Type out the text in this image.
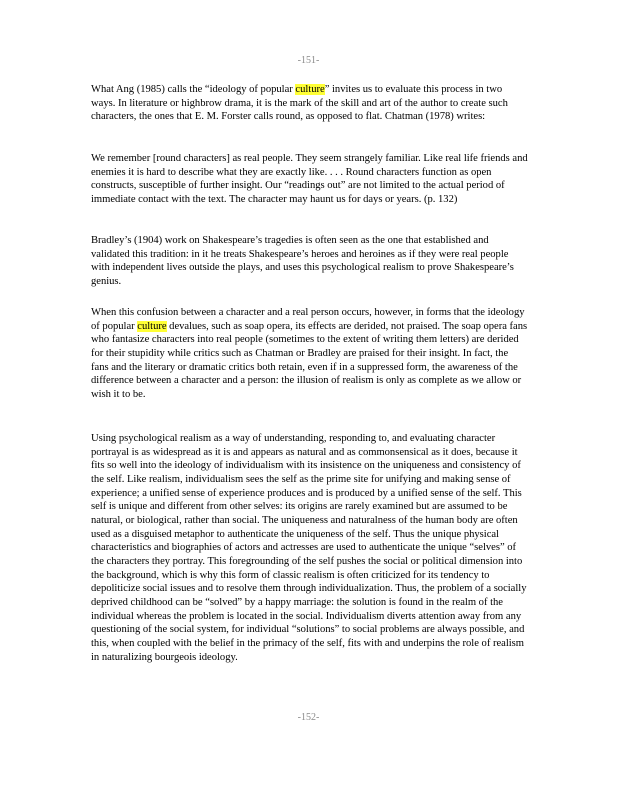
-151-

What Ang (1985) calls the “ideology of popular culture” invites us to evaluate this process in two ways. In literature or highbrow drama, it is the mark of the skill and art of the author to create such characters, the ones that E. M. Forster calls round, as opposed to flat. Chatman (1978) writes:

We remember [round characters] as real people. They seem strangely familiar. Like real life friends and enemies it is hard to describe what they are exactly like. . . . Round characters function as open constructs, susceptible of further insight. Our “readings out” are not limited to the actual period of immediate contact with the text. The character may haunt us for days or years. (p. 132)

Bradley’s (1904) work on Shakespeare’s tragedies is often seen as the one that established and validated this tradition: in it he treats Shakespeare’s heroes and heroines as if they were real people with independent lives outside the plays, and uses this psychological realism to prove Shakespeare’s genius.

When this confusion between a character and a real person occurs, however, in forms that the ideology of popular culture devalues, such as soap opera, its effects are derided, not praised. The soap opera fans who fantasize characters into real people (sometimes to the extent of writing them letters) are derided for their stupidity while critics such as Chatman or Bradley are praised for their insight. In fact, the fans and the literary or dramatic critics both retain, even if in a suppressed form, the awareness of the difference between a character and a person: the illusion of realism is only as complete as we allow or wish it to be.

Using psychological realism as a way of understanding, responding to, and evaluating character portrayal is as widespread as it is and appears as natural and as commonsensical as it does, because it fits so well into the ideology of individualism with its insistence on the uniqueness and consistency of the self. Like realism, individualism sees the self as the prime site for unifying and making sense of experience; a unified sense of experience produces and is produced by a unified sense of the self. This self is unique and different from other selves: its origins are rarely examined but are assumed to be natural, or biological, rather than social. The uniqueness and naturalness of the human body are often used as a disguised metaphor to authenticate the uniqueness of the self. Thus the unique physical characteristics and biographies of actors and actresses are used to authenticate the unique “selves” of the characters they portray. This foregrounding of the self pushes the social or political dimension into the background, which is why this form of classic realism is often criticized for its tendency to depoliticize social issues and to resolve them through individualization. Thus, the problem of a socially deprived childhood can be “solved” by a happy marriage: the solution is found in the realm of the individual whereas the problem is located in the social. Individualism diverts attention away from any questioning of the social system, for individual “solutions” to social problems are always possible, and this, when coupled with the belief in the primacy of the self, fits with and underpins the role of realism in naturalizing bourgeois ideology.

-152-
